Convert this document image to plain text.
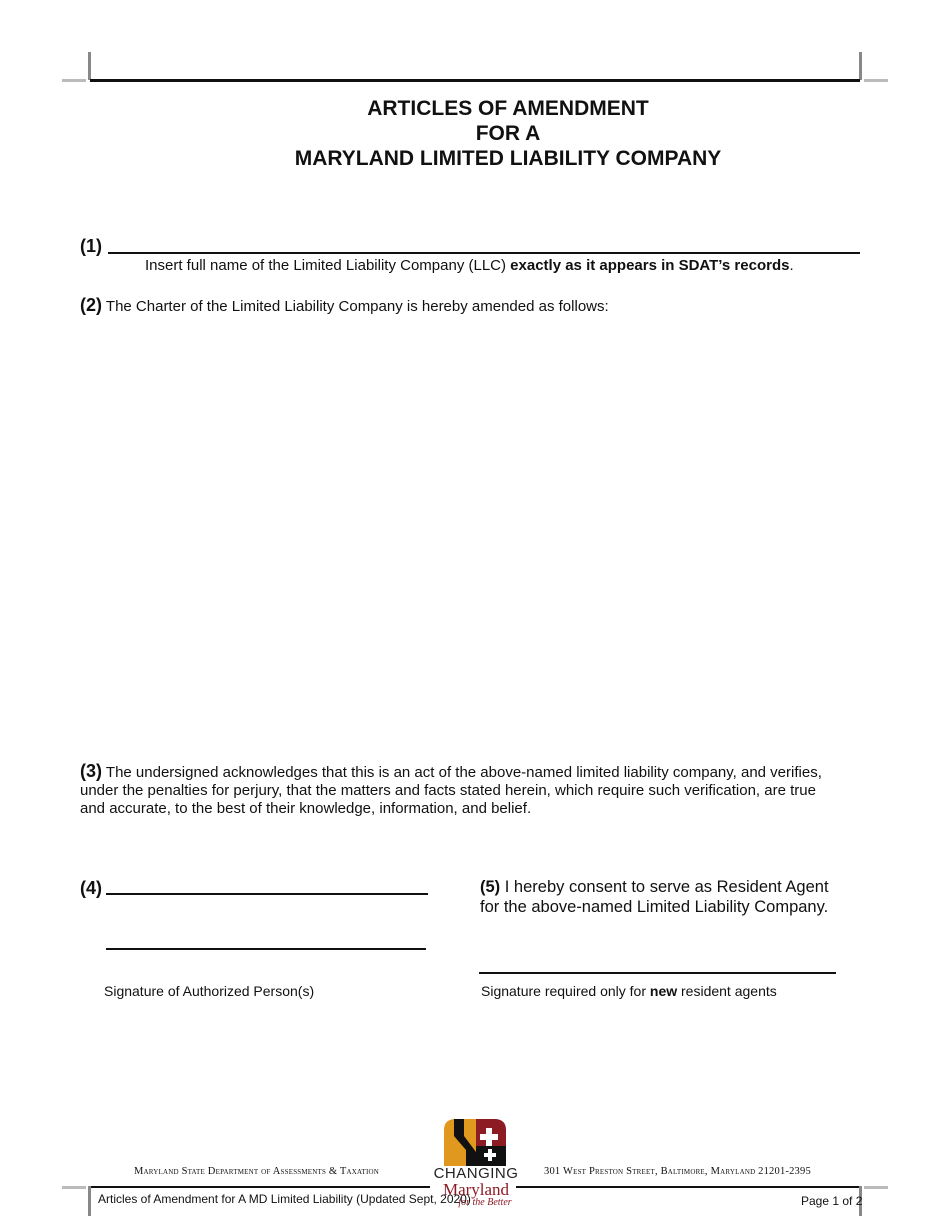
ARTICLES OF AMENDMENT
FOR A
MARYLAND LIMITED LIABILITY COMPANY
(1)
Insert full name of the Limited Liability Company (LLC) exactly as it appears in SDAT’s records.
(2) The Charter of the Limited Liability Company is hereby amended as follows:
(3) The undersigned acknowledges that this is an act of the above-named limited liability company, and verifies,
under the penalties for perjury, that the matters and facts stated herein, which require such verification, are true
and accurate, to the best of their knowledge, information, and belief.
(4)
Signature of Authorized Person(s)
(5) I hereby consent to serve as Resident Agent
for the above-named Limited Liability Company.
Signature required only for new resident agents
Maryland State Department of Assessments & Taxation	301 West Preston Street, Baltimore, Maryland 21201-2395
CHANGING
Maryland
for the Better
Articles of Amendment for A MD Limited Liability (Updated Sept, 2020)	Page 1 of 2
